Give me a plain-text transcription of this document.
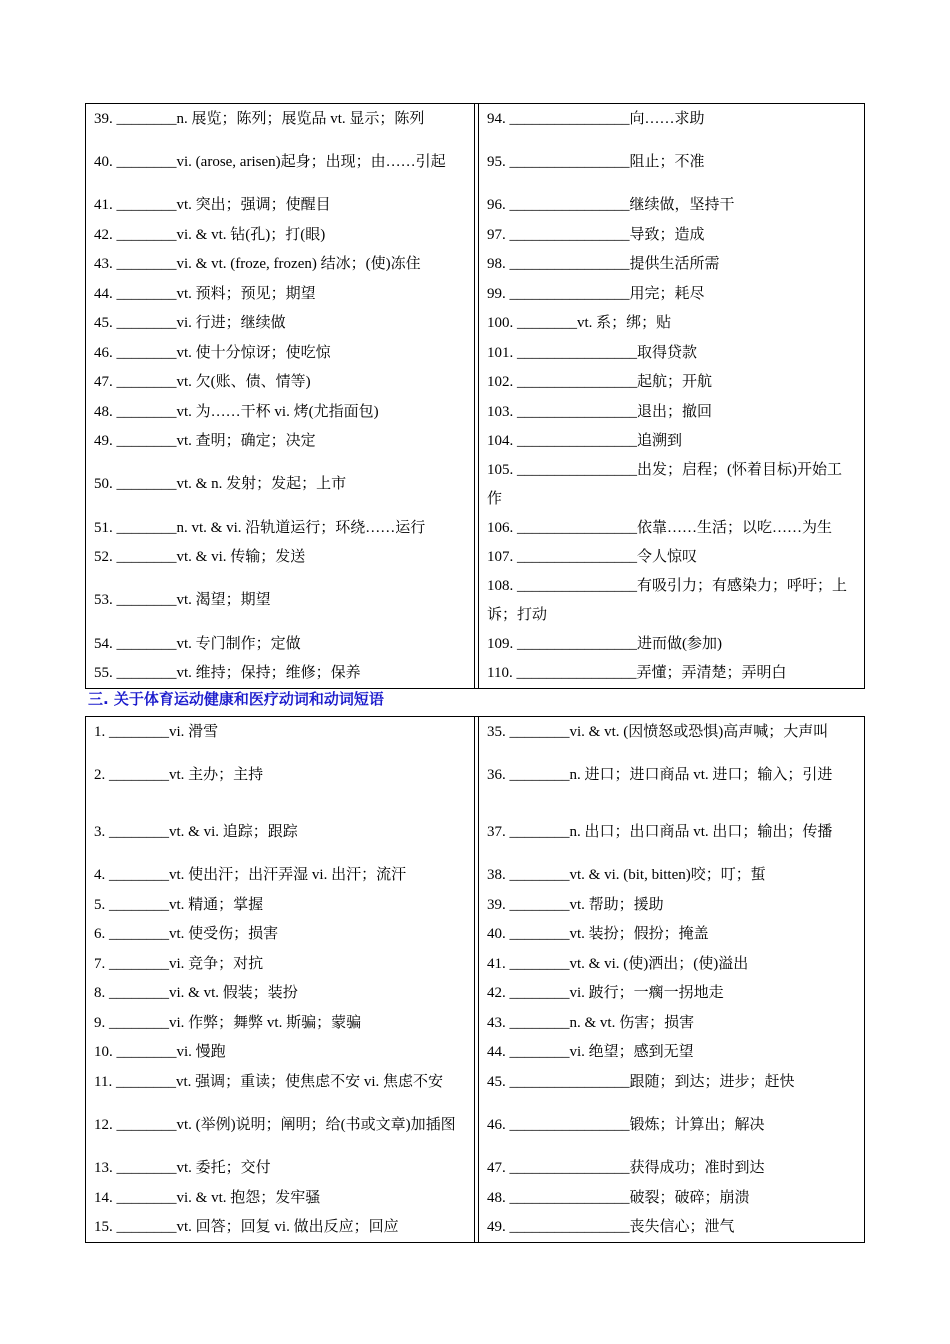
39. ________n. 展览；陈列；展览品 vt. 显示；陈列
40. ________vi. (arose, arisen)起身；出现；由……引起
41. ________vt. 突出；强调；使醒目
42. ________vi. & vt. 钻(孔)；打(眼)
43. ________vi. & vt. (froze, frozen) 结冰；(使)冻住
44. ________vt. 预料；预见；期望
45. ________vi. 行进；继续做
46. ________vt. 使十分惊讶；使吃惊
47. ________vt. 欠(账、债、情等)
48. ________vt. 为……干杯 vi. 烤(尤指面包)
49. ________vt. 查明；确定；决定
50. ________vt. & n. 发射；发起；上市
51. ________n. vt. & vi. 沿轨道运行；环绕……运行
52. ________vt. & vi. 传输；发送
53. ________vt. 渴望；期望
54. ________vt. 专门制作；定做
55. ________vt. 维持；保持；维修；保养
94. ________________向……求助
95. ________________阻止；不准
96. ________________继续做，坚持干
97. ________________导致；造成
98. ________________提供生活所需
99. ________________用完；耗尽
100. ________vt. 系；绑；贴
101. ________________取得贷款
102. ________________起航；开航
103. ________________退出；撤回
104. ________________追溯到
105. ________________出发；启程；(怀着目标)开始工作
106. ________________依靠……生活；以吃……为生
107. ________________令人惊叹
108. ________________有吸引力；有感染力；呼吁；上诉；打动
109. ________________进而做(参加)
110. ________________弄懂；弄清楚；弄明白
三. 关于体育运动健康和医疗动词和动词短语
1. ________vi. 滑雪
2. ________vt. 主办；主持
3. ________vt. & vi. 追踪；跟踪
4. ________vt. 使出汗；出汗弄湿 vi. 出汗；流汗
5. ________vt. 精通；掌握
6. ________vt. 使受伤；损害
7. ________vi. 竞争；对抗
8. ________vi. & vt. 假装；装扮
9. ________vi. 作弊；舞弊 vt. 斯骗；蒙骗
10. ________vi. 慢跑
11. ________vt. 强调；重读；使焦虑不安 vi. 焦虑不安
12. ________vt. (举例)说明；阐明；给(书或文章)加插图
13. ________vt. 委托；交付
14. ________vi. & vt. 抱怨；发牢骚
15. ________vt. 回答；回复 vi. 做出反应；回应
35. ________vi. & vt. (因愤怒或恐惧)高声喊；大声叫
36. ________n. 进口；进口商品 vt. 进口；输入；引进
37. ________n. 出口；出口商品 vt. 出口；输出；传播
38. ________vt. & vi. (bit, bitten)咬；叮；蜇
39. ________vt. 帮助；援助
40. ________vt. 装扮；假扮；掩盖
41. ________vt. & vi. (使)洒出；(使)溢出
42. ________vi. 跛行；一瘸一拐地走
43. ________n. & vt. 伤害；损害
44. ________vi. 绝望；感到无望
45. ________________跟随；到达；进步；赶快
46. ________________锻炼；计算出；解决
47. ________________获得成功；准时到达
48. ________________破裂；破碎；崩溃
49. ________________丧失信心；泄气
